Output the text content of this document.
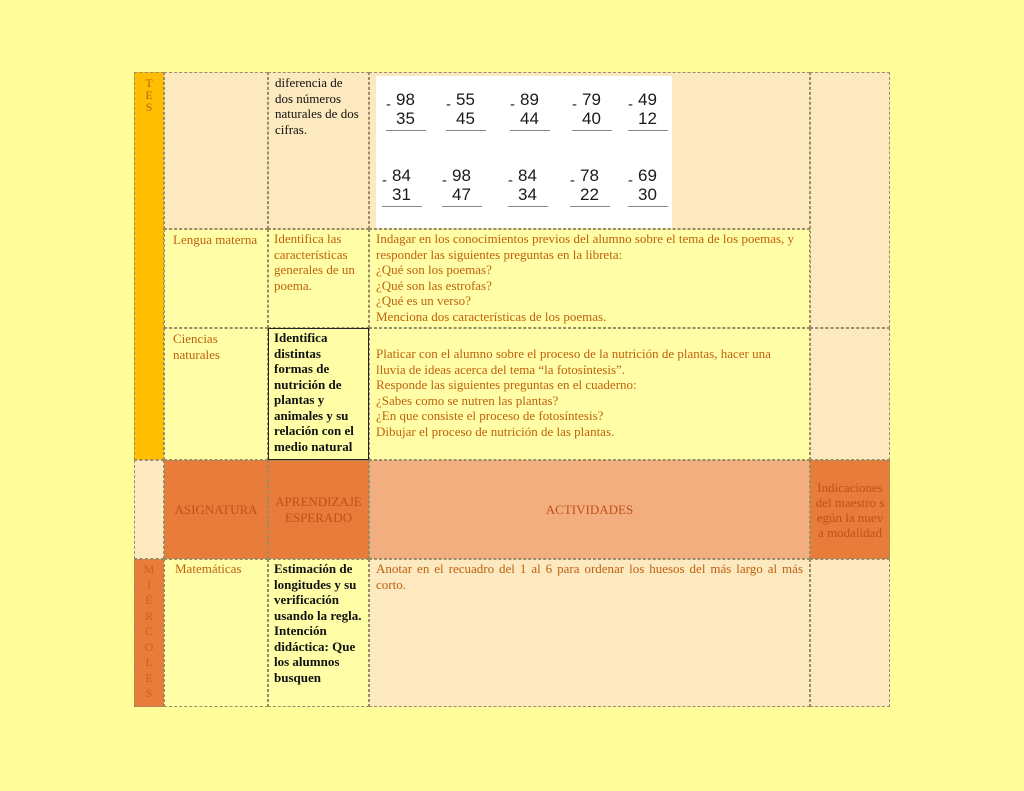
T
E
S
diferencia de dos números naturales de dos cifras.
- 98
35
- 55
45
- 89
44
- 79
40
- 49
12
- 84
31
- 98
47
- 84
34
- 78
22
- 69
30
Lengua materna	Identifica las características generales de un poema.
Indagar en los conocimientos previos del alumno sobre el tema de los poemas, y responder las siguientes preguntas en la libreta:
¿Qué son los poemas?
¿Qué son las estrofas?
¿Qué es un verso?
Menciona dos características de los poemas.
Ciencias naturales
Identifica distintas formas de nutrición de plantas y animales y su relación con el medio natural
Platicar con el alumno sobre el proceso de la nutrición de plantas, hacer una lluvia de ideas acerca del tema “la fotosíntesis”.
Responde las siguientes preguntas en el cuaderno:
¿Sabes como se nutren las plantas?
¿En que consiste el proceso de fotosíntesis?
Dibujar el proceso de nutrición de las plantas.
ASIGNATURA
APRENDIZAJE ESPERADO
ACTIVIDADES
Indicaciones del maestro según la nueva modalidad
M
I
É
R
C
O
L
E
S
Matemáticas	Estimación de longitudes y su verificación usando la regla. Intención didáctica: Que los alumnos busquen
Anotar en el recuadro del 1 al 6 para ordenar los huesos del más largo al más corto.
